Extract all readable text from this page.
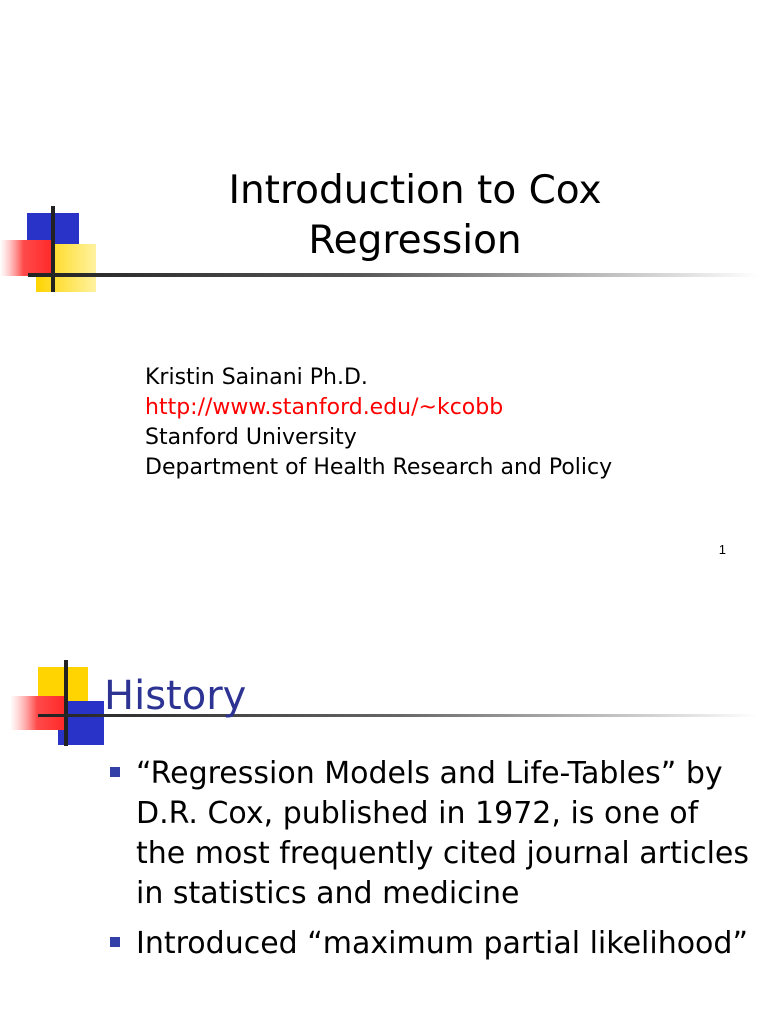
Introduction to Cox
Regression
Kristin Sainani Ph.D.
http://www.stanford.edu/~kcobb
Stanford University
Department of Health Research and Policy
1
History
“Regression Models and Life-Tables” by D.R. Cox, published in 1972, is one of the most frequently cited journal articles in statistics and medicine
Introduced “maximum partial likelihood”
